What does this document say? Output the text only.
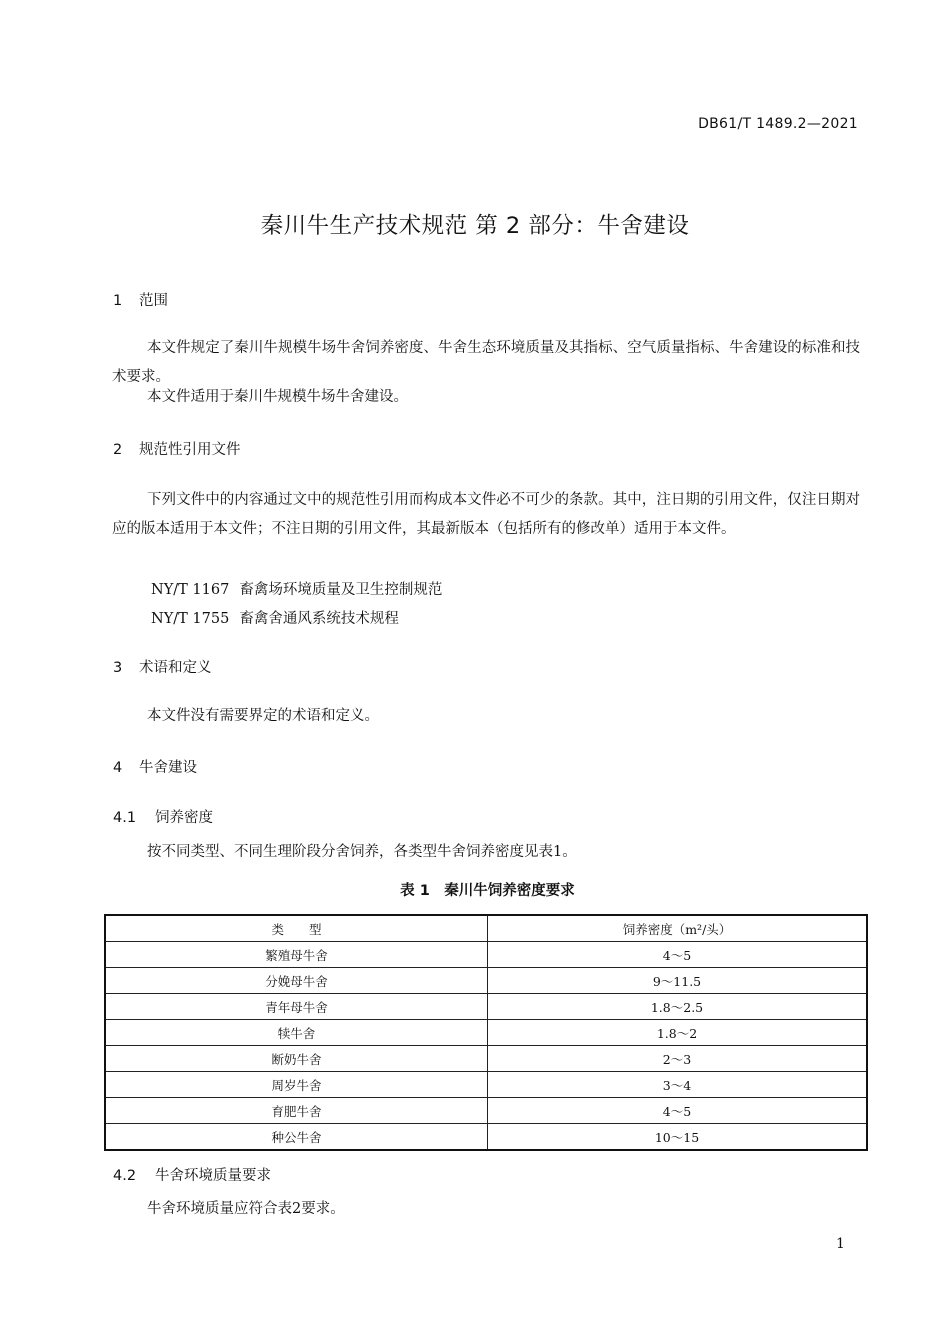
DB61/T 1489.2—2021
秦川牛生产技术规范 第 2 部分：牛舍建设
1 范围
本文件规定了秦川牛规模牛场牛舍饲养密度、牛舍生态环境质量及其指标、空气质量指标、牛舍建设的标准和技术要求。
本文件适用于秦川牛规模牛场牛舍建设。
2 规范性引用文件
下列文件中的内容通过文中的规范性引用而构成本文件必不可少的条款。其中，注日期的引用文件，仅注日期对应的版本适用于本文件；不注日期的引用文件，其最新版本（包括所有的修改单）适用于本文件。
NY/T 1167 畜禽场环境质量及卫生控制规范
NY/T 1755 畜禽舍通风系统技术规程
3 术语和定义
本文件没有需要界定的术语和定义。
4 牛舍建设
4.1 饲养密度
按不同类型、不同生理阶段分舍饲养，各类型牛舍饲养密度见表1。
表 1　秦川牛饲养密度要求
类　　型	饲养密度（m²/头）
繁殖母牛舍	4～5
分娩母牛舍	9～11.5
青年母牛舍	1.8～2.5
犊牛舍	1.8～2
断奶牛舍	2～3
周岁牛舍	3～4
育肥牛舍	4～5
种公牛舍	10～15
4.2 牛舍环境质量要求
牛舍环境质量应符合表2要求。
1
